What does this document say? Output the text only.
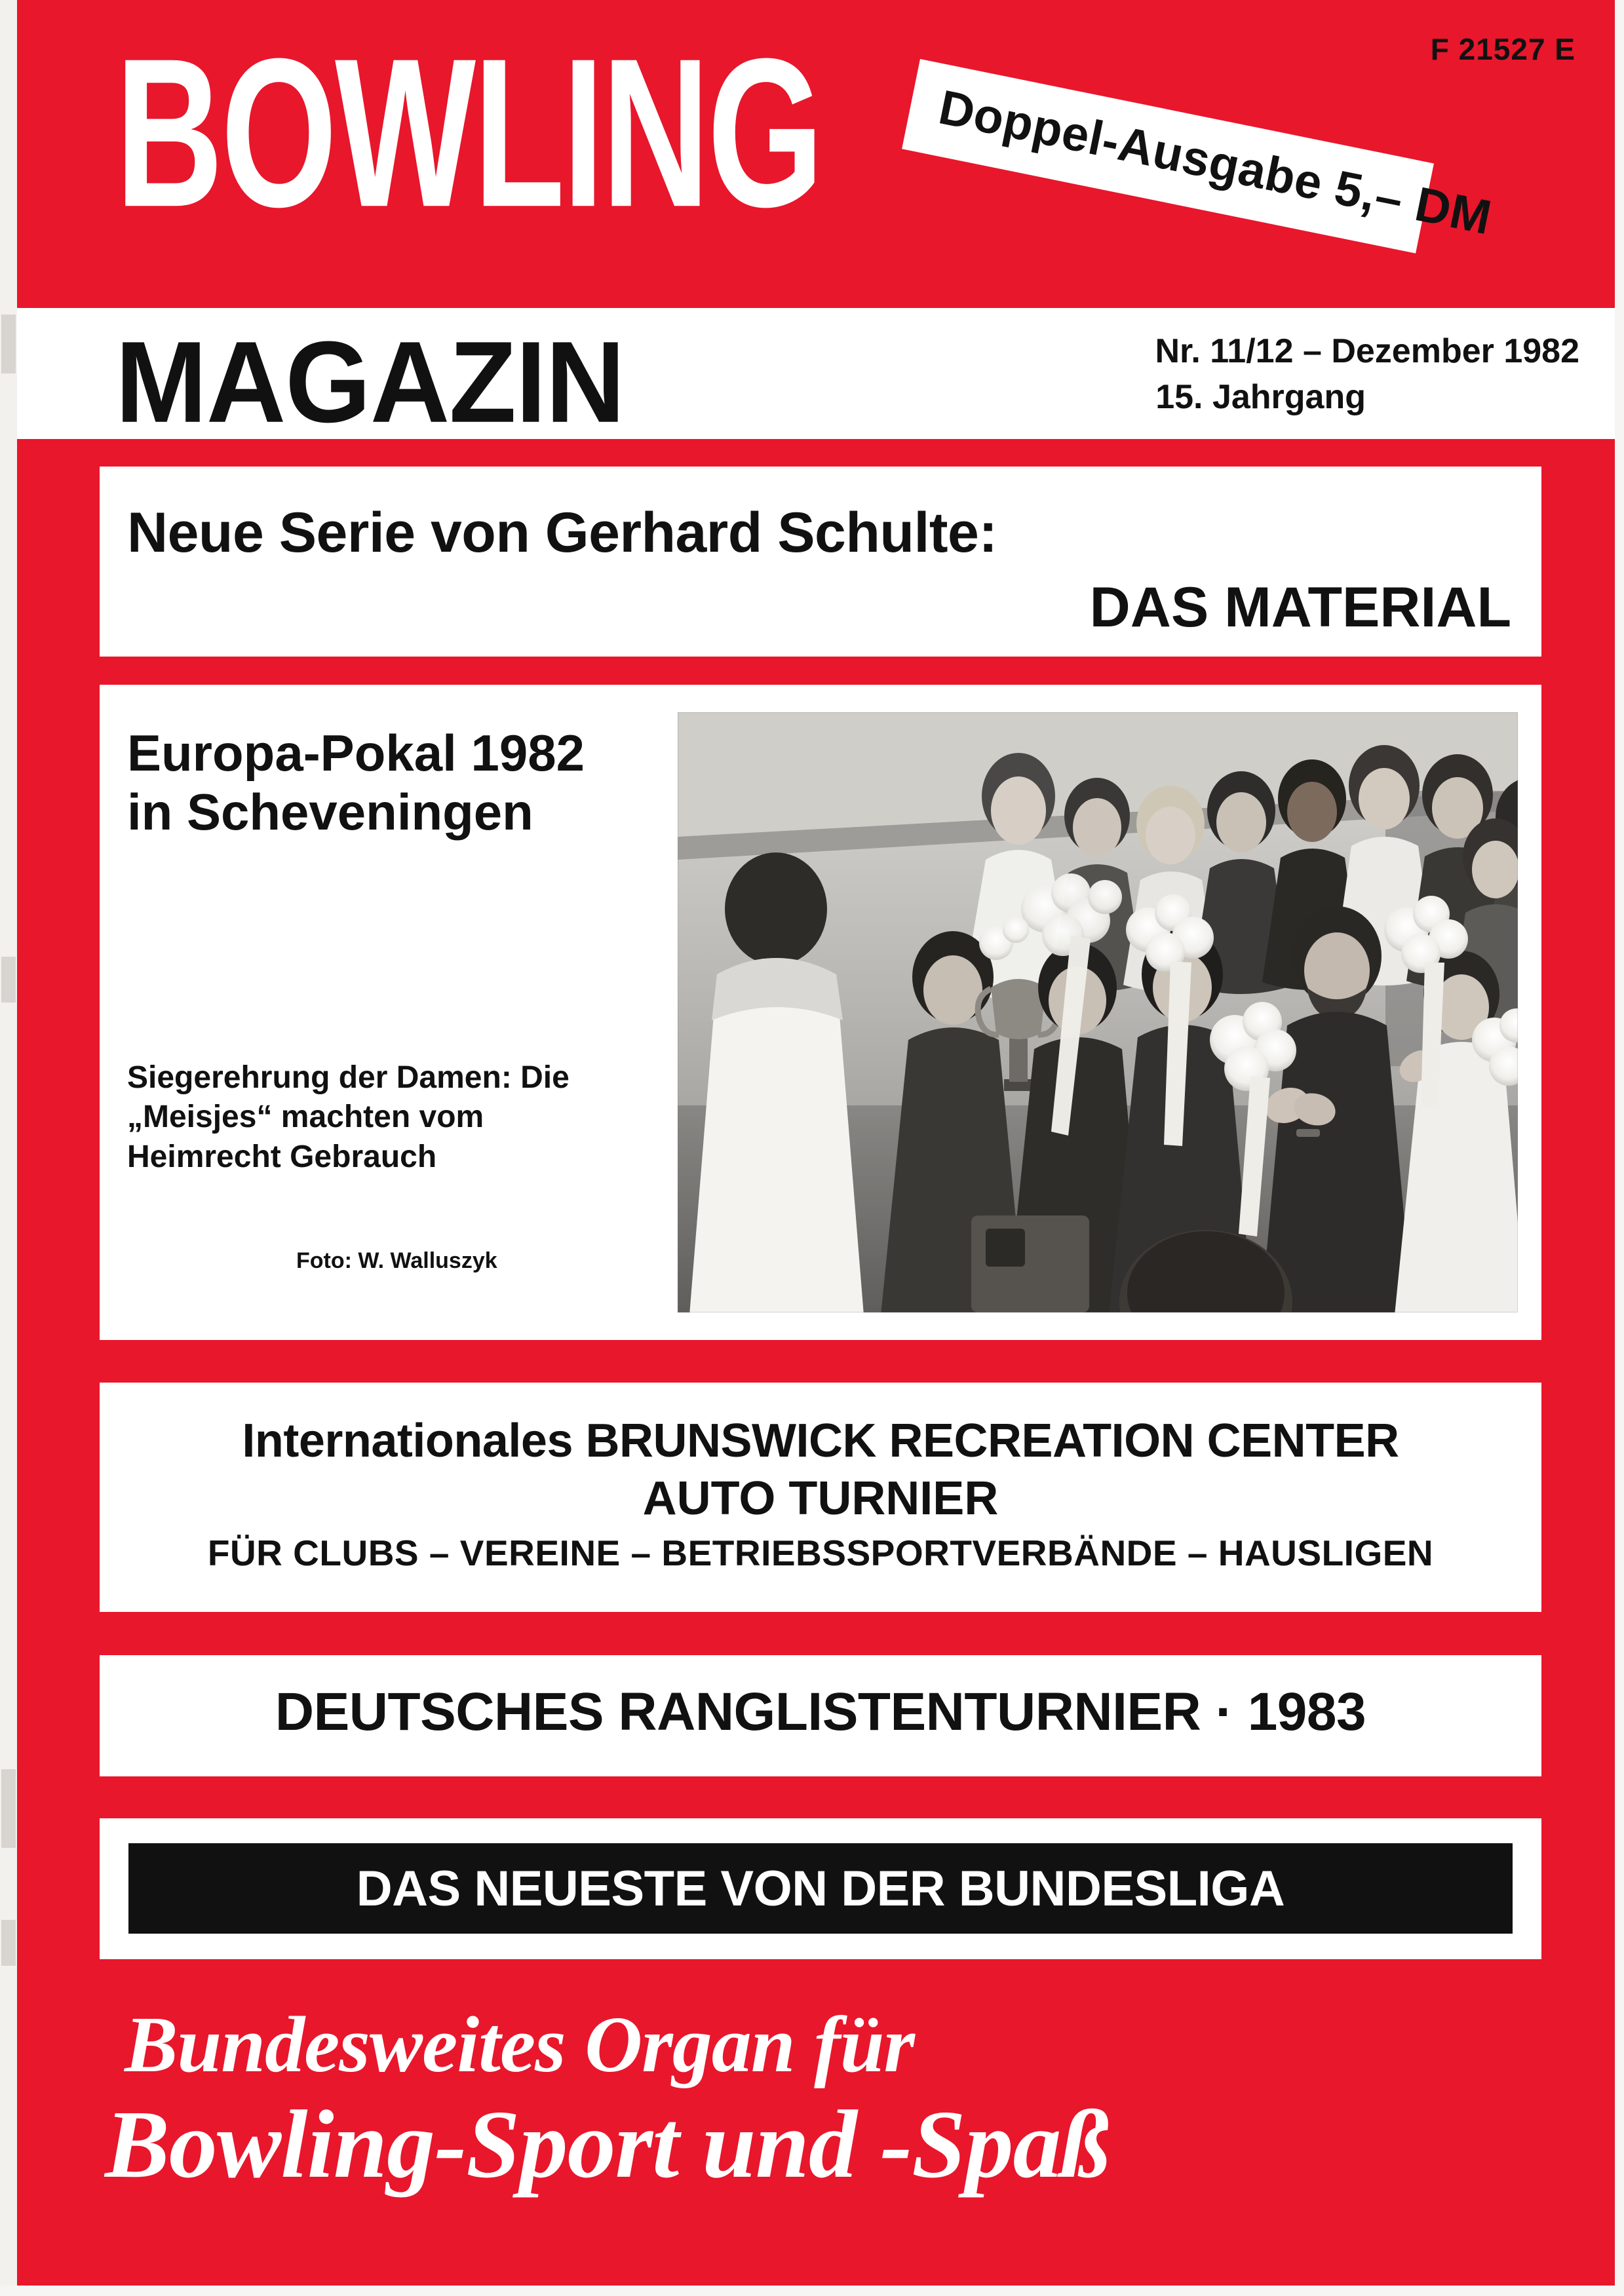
BOWLING	F 21527 E
Doppel-Ausgabe 5,– DM
MAGAZIN	Nr. 11/12 – Dezember 1982
15. Jahrgang
Neue Serie von Gerhard Schulte:
DAS MATERIAL
Europa-Pokal 1982 in Scheveningen
Siegerehrung der Damen: Die „Meisjes“ machten vom Heimrecht Gebrauch
Foto: W. Walluszyk
Internationales BRUNSWICK RECREATION CENTER
AUTO TURNIER
FÜR CLUBS – VEREINE – BETRIEBSSPORTVERBÄNDE – HAUSLIGEN
DEUTSCHES RANGLISTENTURNIER · 1983
DAS NEUESTE VON DER BUNDESLIGA
Bundesweites Organ für
Bowling-Sport und -Spaß
